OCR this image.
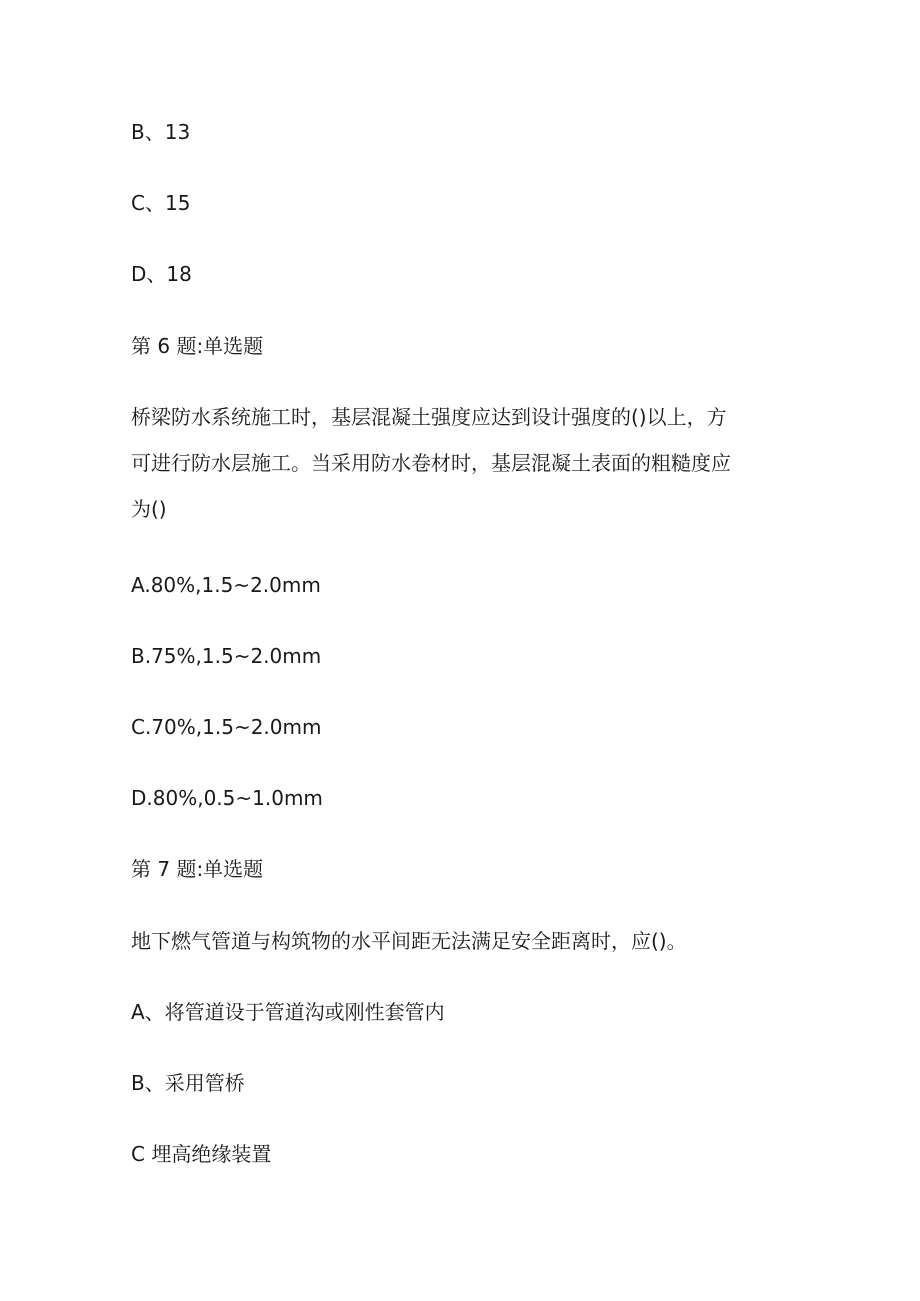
B、13
C、15
D、18
第 6 题:单选题
桥梁防水系统施工时，基层混凝土强度应达到设计强度的()以上，方
可进行防水层施工。当采用防水卷材时，基层混凝土表面的粗糙度应
为()
A.80%,1.5~2.0mm
B.75%,1.5~2.0mm
C.70%,1.5~2.0mm
D.80%,0.5~1.0mm
第 7 题:单选题
地下燃气管道与构筑物的水平间距无法满足安全距离时，应()。
A、将管道设于管道沟或刚性套管内
B、采用管桥
C 埋高绝缘装置
